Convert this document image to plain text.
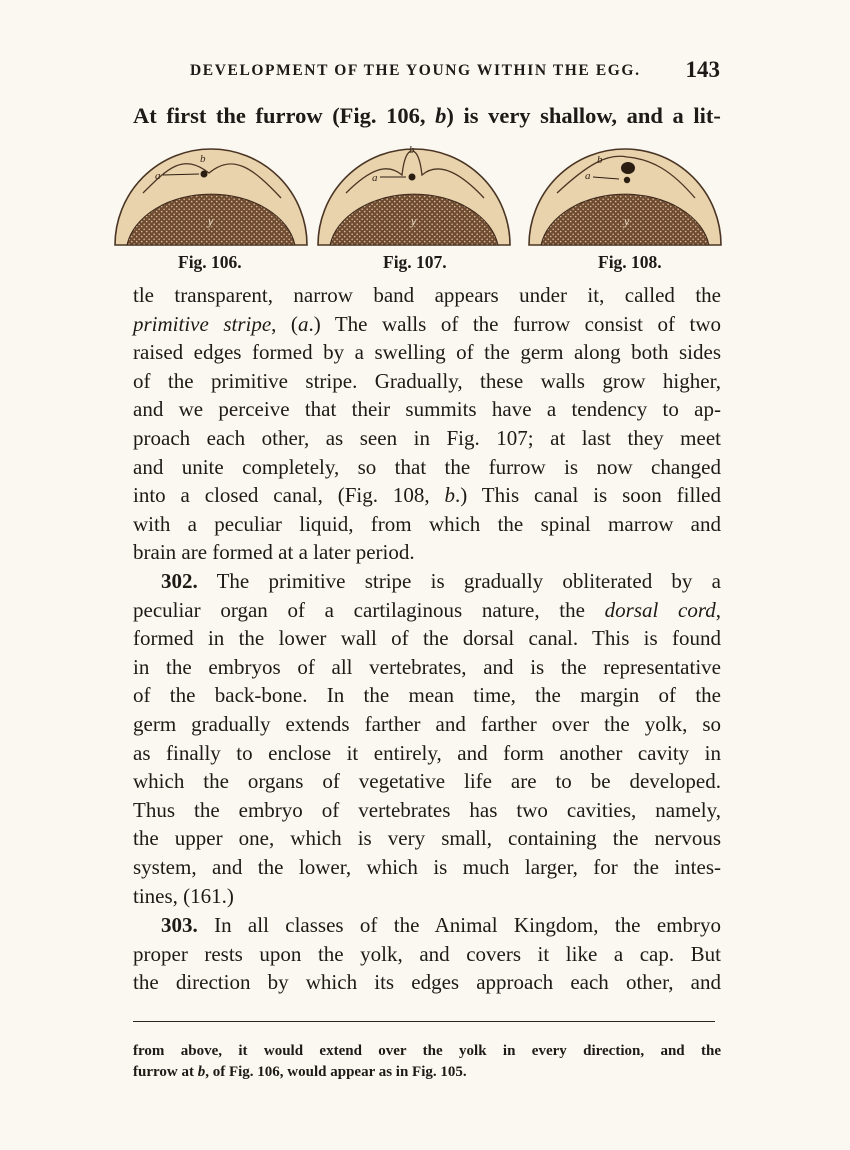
DEVELOPMENT OF THE YOUNG WITHIN THE EGG. 143
At first the furrow (Fig. 106, b) is very shallow, and a lit-
a
b
y
a
b
y
a
b
y
Fig. 106.	Fig. 107.	Fig. 108.
tle transparent, narrow band appears under it, called the
primitive stripe, (a.) The walls of the furrow consist of two
raised edges formed by a swelling of the germ along both sides
of the primitive stripe. Gradually, these walls grow higher,
and we perceive that their summits have a tendency to ap-
proach each other, as seen in Fig. 107; at last they meet
and unite completely, so that the furrow is now changed
into a closed canal, (Fig. 108, b.) This canal is soon filled
with a peculiar liquid, from which the spinal marrow and
brain are formed at a later period.
302. The primitive stripe is gradually obliterated by a
peculiar organ of a cartilaginous nature, the dorsal cord,
formed in the lower wall of the dorsal canal. This is found
in the embryos of all vertebrates, and is the representative
of the back-bone. In the mean time, the margin of the
germ gradually extends farther and farther over the yolk, so
as finally to enclose it entirely, and form another cavity in
which the organs of vegetative life are to be developed.
Thus the embryo of vertebrates has two cavities, namely,
the upper one, which is very small, containing the nervous
system, and the lower, which is much larger, for the intes-
tines, (161.)
303. In all classes of the Animal Kingdom, the embryo
proper rests upon the yolk, and covers it like a cap. But
the direction by which its edges approach each other, and
from above, it would extend over the yolk in every direction, and the
furrow at b, of Fig. 106, would appear as in Fig. 105.
